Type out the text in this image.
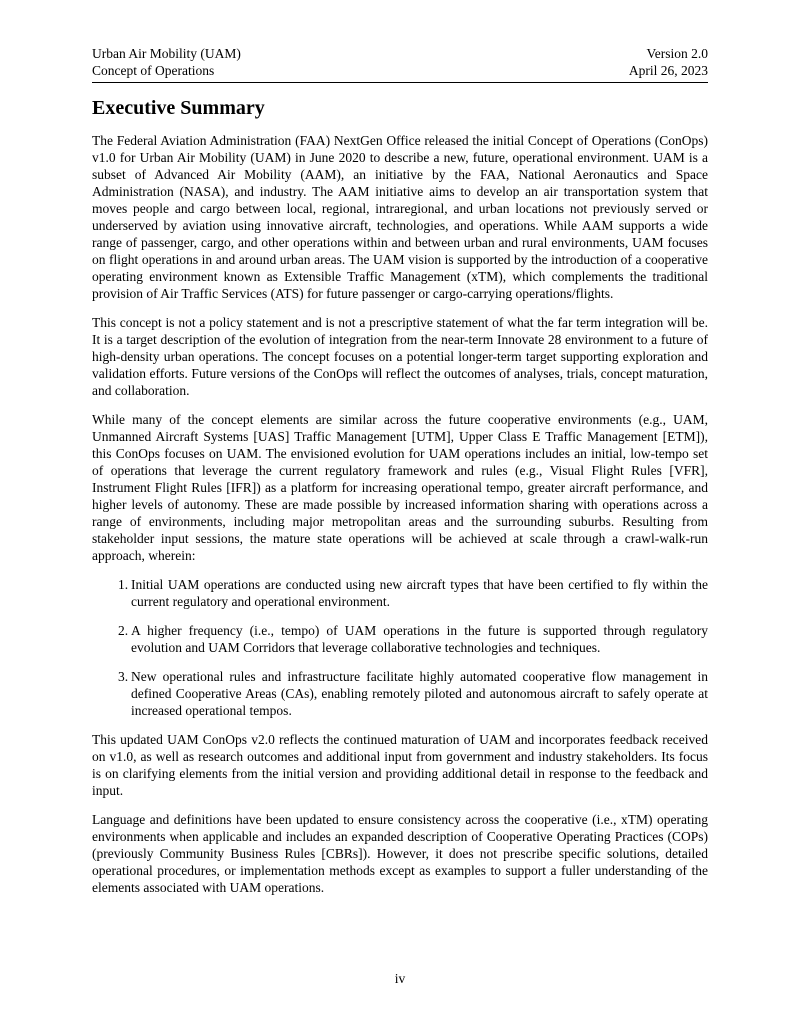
Urban Air Mobility (UAM)
Concept of Operations
Version 2.0
April 26, 2023
Executive Summary

The Federal Aviation Administration (FAA) NextGen Office released the initial Concept of Operations (ConOps) v1.0 for Urban Air Mobility (UAM) in June 2020 to describe a new, future, operational environment. UAM is a subset of Advanced Air Mobility (AAM), an initiative by the FAA, National Aeronautics and Space Administration (NASA), and industry. The AAM initiative aims to develop an air transportation system that moves people and cargo between local, regional, intraregional, and urban locations not previously served or underserved by aviation using innovative aircraft, technologies, and operations. While AAM supports a wide range of passenger, cargo, and other operations within and between urban and rural environments, UAM focuses on flight operations in and around urban areas. The UAM vision is supported by the introduction of a cooperative operating environment known as Extensible Traffic Management (xTM), which complements the traditional provision of Air Traffic Services (ATS) for future passenger or cargo-carrying operations/flights.

This concept is not a policy statement and is not a prescriptive statement of what the far term integration will be. It is a target description of the evolution of integration from the near-term Innovate 28 environment to a future of high-density urban operations. The concept focuses on a potential longer-term target supporting exploration and validation efforts. Future versions of the ConOps will reflect the outcomes of analyses, trials, concept maturation, and collaboration.

While many of the concept elements are similar across the future cooperative environments (e.g., UAM, Unmanned Aircraft Systems [UAS] Traffic Management [UTM], Upper Class E Traffic Management [ETM]), this ConOps focuses on UAM. The envisioned evolution for UAM operations includes an initial, low-tempo set of operations that leverage the current regulatory framework and rules (e.g., Visual Flight Rules [VFR], Instrument Flight Rules [IFR]) as a platform for increasing operational tempo, greater aircraft performance, and higher levels of autonomy. These are made possible by increased information sharing with operations across a range of environments, including major metropolitan areas and the surrounding suburbs. Resulting from stakeholder input sessions, the mature state operations will be achieved at scale through a crawl-walk-run approach, wherein:

1. Initial UAM operations are conducted using new aircraft types that have been certified to fly within the current regulatory and operational environment.
2. A higher frequency (i.e., tempo) of UAM operations in the future is supported through regulatory evolution and UAM Corridors that leverage collaborative technologies and techniques.
3. New operational rules and infrastructure facilitate highly automated cooperative flow management in defined Cooperative Areas (CAs), enabling remotely piloted and autonomous aircraft to safely operate at increased operational tempos.

This updated UAM ConOps v2.0 reflects the continued maturation of UAM and incorporates feedback received on v1.0, as well as research outcomes and additional input from government and industry stakeholders. Its focus is on clarifying elements from the initial version and providing additional detail in response to the feedback and input.

Language and definitions have been updated to ensure consistency across the cooperative (i.e., xTM) operating environments when applicable and includes an expanded description of Cooperative Operating Practices (COPs) (previously Community Business Rules [CBRs]). However, it does not prescribe specific solutions, detailed operational procedures, or implementation methods except as examples to support a fuller understanding of the elements associated with UAM operations.

iv
